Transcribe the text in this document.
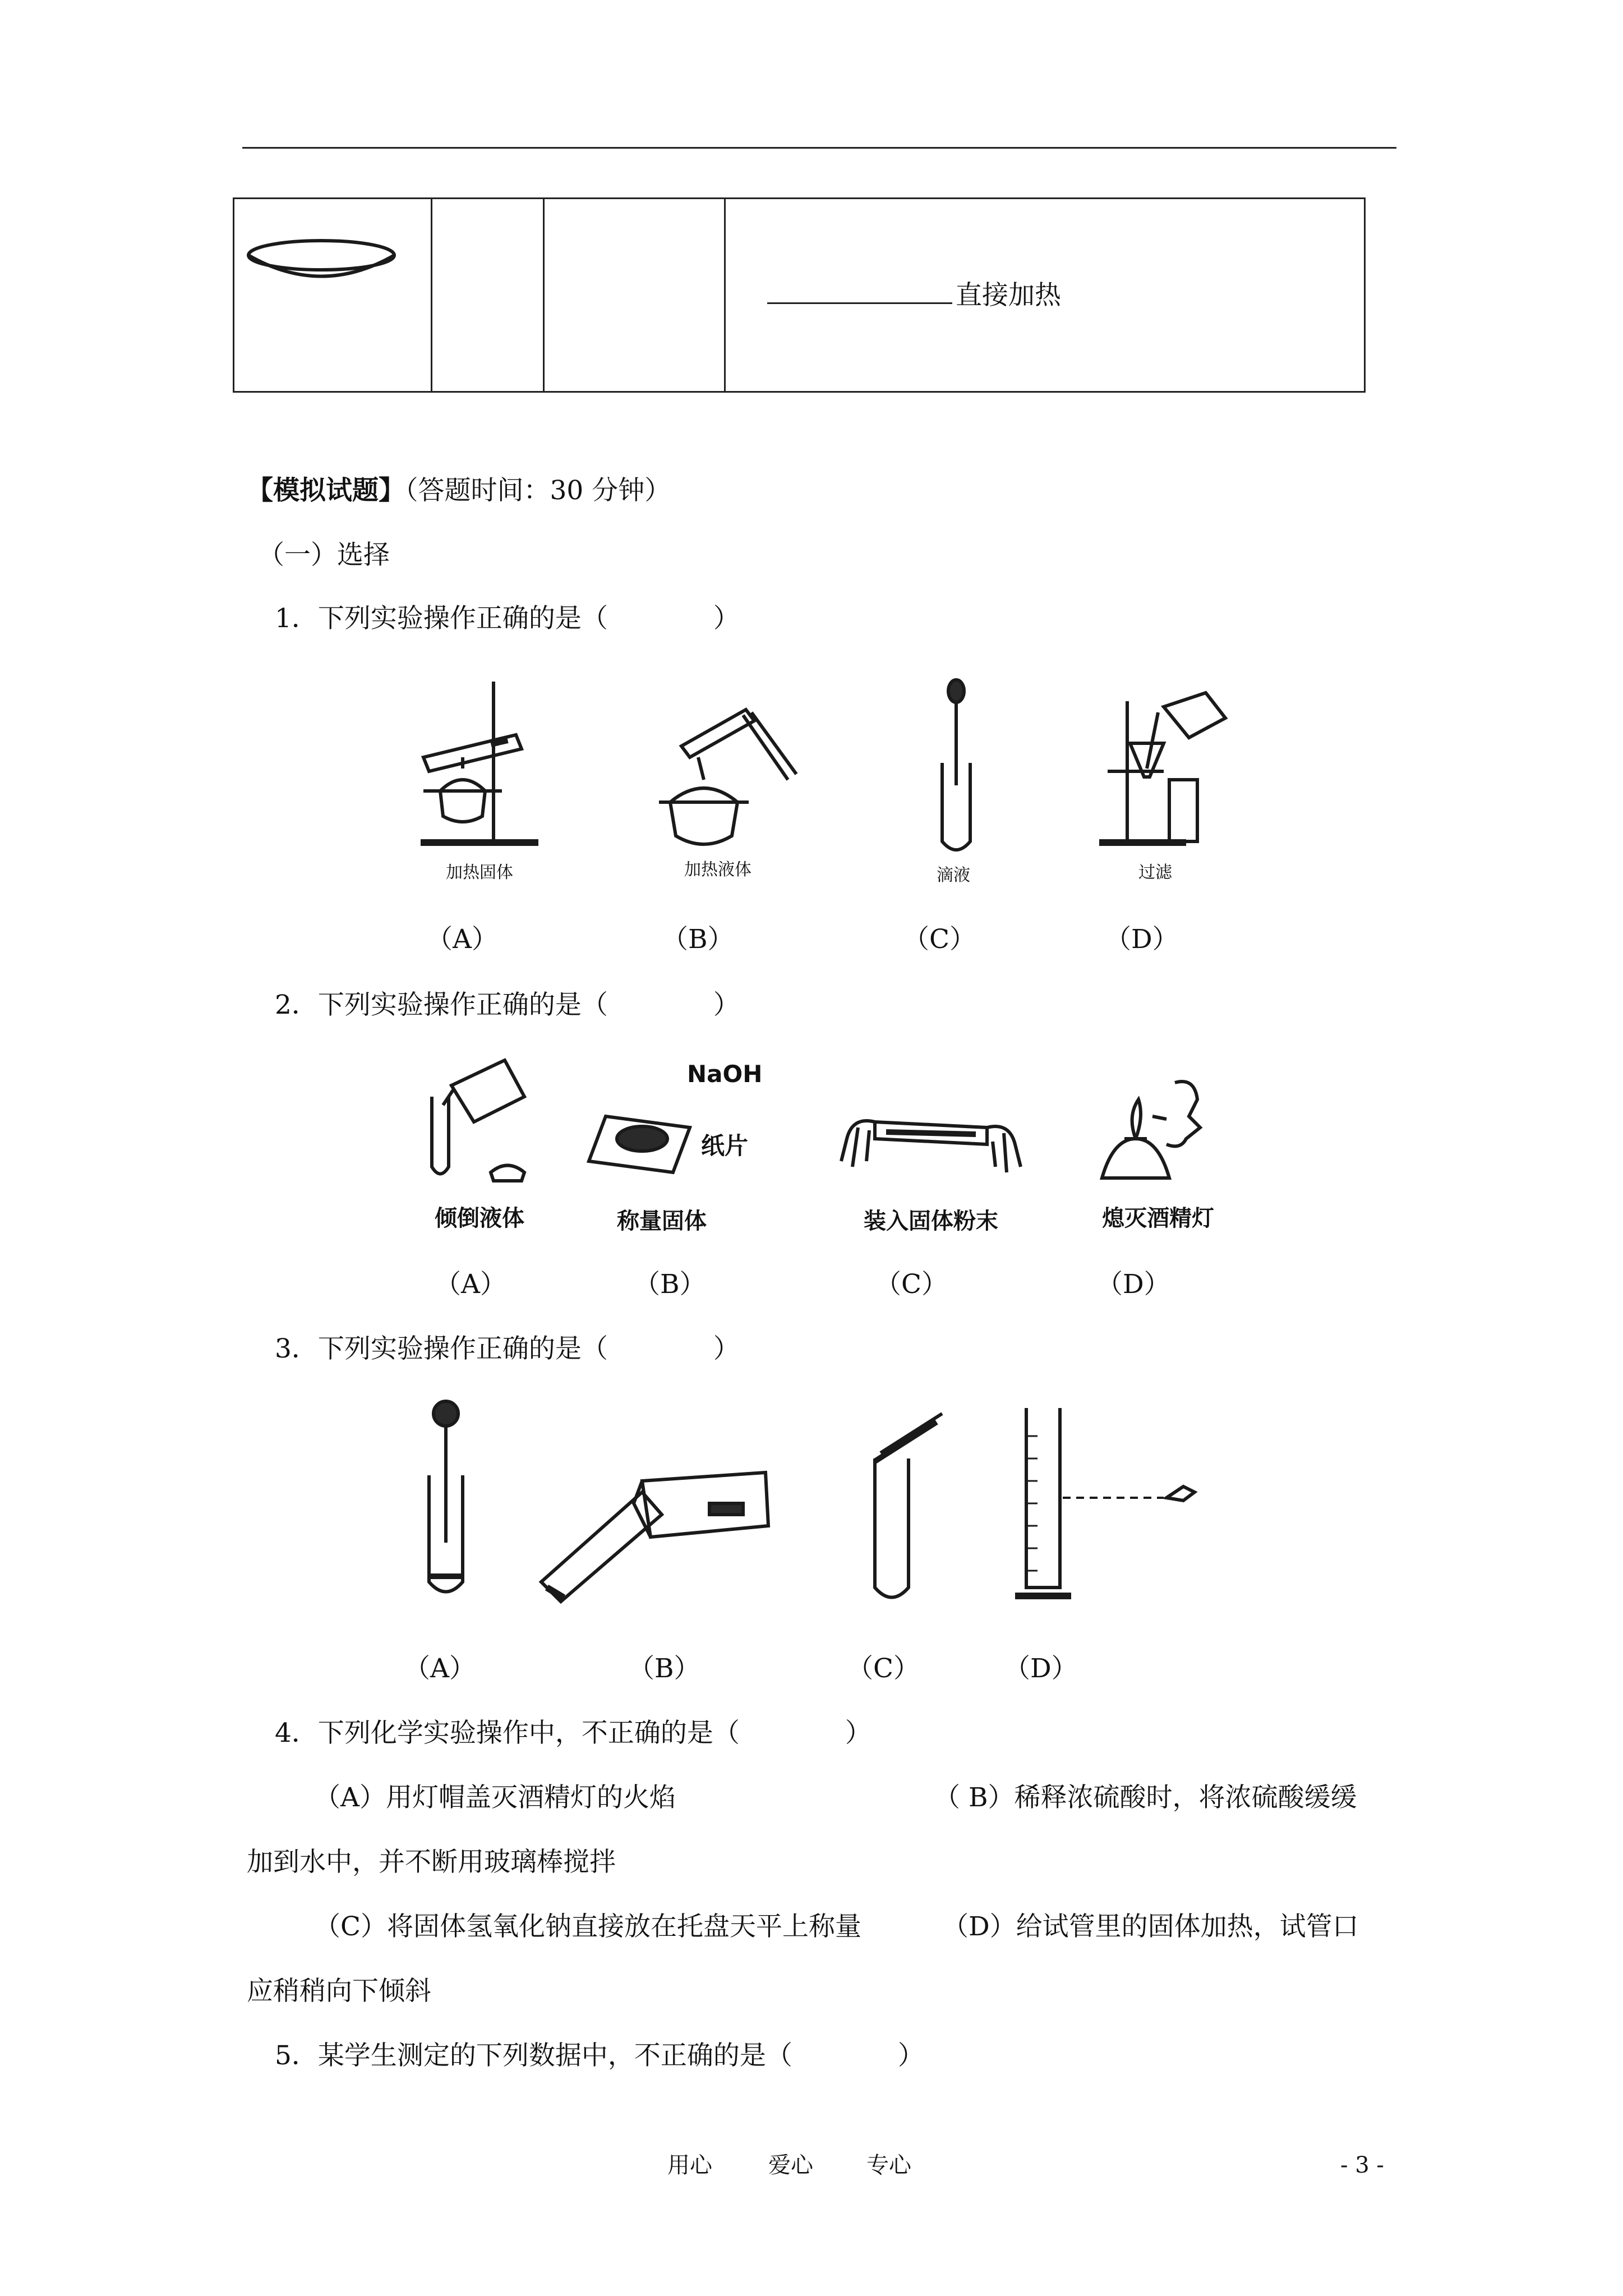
直接加热
【模拟试题】（答题时间：30 分钟）
（一）选择
1．下列实验操作正确的是（　　　　）
加热固体	加热液体	滴液	过滤
（A）	（B）	（C）	（D）
2．下列实验操作正确的是（　　　　）
倾倒液体
NaOH
纸片
称量固体	装入固体粉末	熄灭酒精灯
（A）	（B）	（C）	（D）
3．下列实验操作正确的是（　　　　）
（A）	（B）	（C）	（D）
4．下列化学实验操作中，不正确的是（　　　　）
（A）用灯帽盖灭酒精灯的火焰	（ B）稀释浓硫酸时，将浓硫酸缓缓
加到水中，并不断用玻璃棒搅拌
（C）将固体氢氧化钠直接放在托盘天平上称量	（D）给试管里的固体加热，试管口
应稍稍向下倾斜
5．某学生测定的下列数据中，不正确的是（　　　　）
用心	爱心 专心	- 3 -
